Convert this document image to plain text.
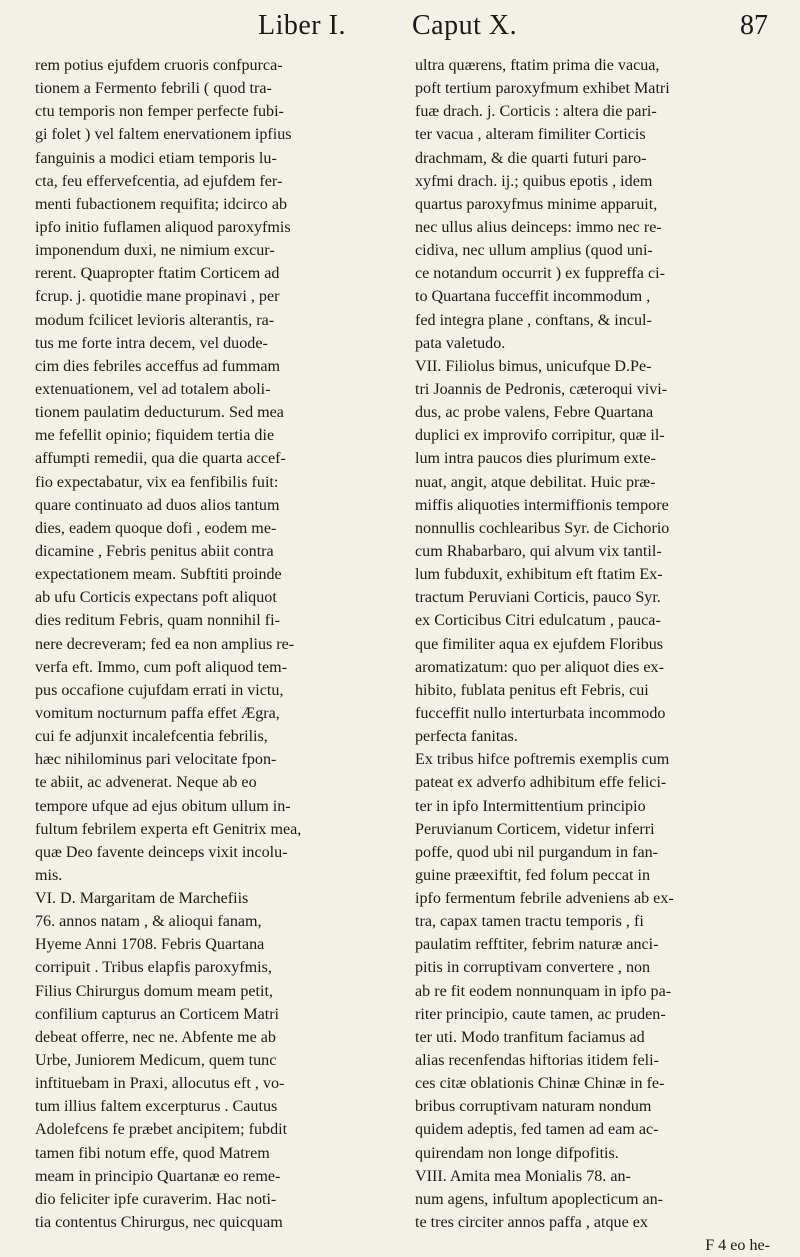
Liber I. Caput X.	87
rem potius ejufdem cruoris confpurca-
tionem a Fermento febrili ( quod tra-
ctu temporis non femper perfecte fubi-
gi folet ) vel faltem enervationem ipfius
fanguinis a modici etiam temporis lu-
cta, feu effervefcentia, ad ejufdem fer-
menti fubactionem requifita; idcirco ab
ipfo initio fuflamen aliquod paroxyfmis
imponendum duxi, ne nimium excur-
rerent. Quapropter ftatim Corticem ad
fcrup. j. quotidie mane propinavi , per
modum fcilicet levioris alterantis, ra-
tus me forte intra decem, vel duode-
cim dies febriles acceffus ad fummam
extenuationem, vel ad totalem aboli-
tionem paulatim deducturum. Sed mea
me fefellit opinio; fiquidem tertia die
affumpti remedii, qua die quarta accef-
fio expectabatur, vix ea fenfibilis fuit:
quare continuato ad duos alios tantum
dies, eadem quoque dofi , eodem me-
dicamine , Febris penitus abiit contra
expectationem meam. Subftiti proinde
ab ufu Corticis expectans poft aliquot
dies reditum Febris, quam nonnihil fi-
nere decreveram; fed ea non amplius re-
verfa eft. Immo, cum poft aliquod tem-
pus occafione cujufdam errati in victu,
vomitum nocturnum paffa effet Ægra,
cui fe adjunxit incalefcentia febrilis,
hæc nihilominus pari velocitate fpon-
te abiit, ac advenerat. Neque ab eo
tempore ufque ad ejus obitum ullum in-
fultum febrilem experta eft Genitrix mea,
quæ Deo favente deinceps vixit incolu-
mis.
VI. D. Margaritam de Marchefiis
76. annos natam , & alioqui fanam,
Hyeme Anni 1708. Febris Quartana
corripuit . Tribus elapfis paroxyfmis,
Filius Chirurgus domum meam petit,
confilium capturus an Corticem Matri
debeat offerre, nec ne. Abfente me ab
Urbe, Juniorem Medicum, quem tunc
inftituebam in Praxi, allocutus eft , vo-
tum illius faltem excerpturus . Cautus
Adolefcens fe præbet ancipitem; fubdit
tamen fibi notum effe, quod Matrem
meam in principio Quartanæ eo reme-
dio feliciter ipfe curaverim. Hac noti-
tia contentus Chirurgus, nec quicquam
ultra quærens, ftatim prima die vacua,
poft tertium paroxyfmum exhibet Matri
fuæ drach. j. Corticis : altera die pari-
ter vacua , alteram fimiliter Corticis
drachmam, & die quarti futuri paro-
xyfmi drach. ij.; quibus epotis , idem
quartus paroxyfmus minime apparuit,
nec ullus alius deinceps: immo nec re-
cidiva, nec ullum amplius (quod uni-
ce notandum occurrit ) ex fuppreffa ci-
to Quartana fucceffit incommodum ,
fed integra plane , conftans, & incul-
pata valetudo.
VII. Filiolus bimus, unicufque D.Pe-
tri Joannis de Pedronis, cæteroqui vivi-
dus, ac probe valens, Febre Quartana
duplici ex improvifo corripitur, quæ il-
lum intra paucos dies plurimum exte-
nuat, angit, atque debilitat. Huic præ-
miffis aliquoties intermiffionis tempore
nonnullis cochlearibus Syr. de Cichorio
cum Rhabarbaro, qui alvum vix tantil-
lum fubduxit, exhibitum eft ftatim Ex-
tractum Peruviani Corticis, pauco Syr.
ex Corticibus Citri edulcatum , pauca-
que fimiliter aqua ex ejufdem Floribus
aromatizatum: quo per aliquot dies ex-
hibito, fublata penitus eft Febris, cui
fucceffit nullo interturbata incommodo
perfecta fanitas.
Ex tribus hifce poftremis exemplis cum
pateat ex adverfo adhibitum effe felici-
ter in ipfo Intermittentium principio
Peruvianum Corticem, videtur inferri
poffe, quod ubi nil purgandum in fan-
guine præexiftit, fed folum peccat in
ipfo fermentum febrile adveniens ab ex-
tra, capax tamen tractu temporis , fi
paulatim refftiter, febrim naturæ anci-
pitis in corruptivam convertere , non
ab re fit eodem nonnunquam in ipfo pa-
riter principio, caute tamen, ac pruden-
ter uti. Modo tranfitum faciamus ad
alias recenfendas hiftorias itidem feli-
ces citæ oblationis Chinæ Chinæ in fe-
bribus corruptivam naturam nondum
quidem adeptis, fed tamen ad eam ac-
quirendam non longe difpofitis.
VIII. Amita mea Monialis 78. an-
num agens, infultum apoplecticum an-
te tres circiter annos paffa , atque ex
F 4 eo he-
